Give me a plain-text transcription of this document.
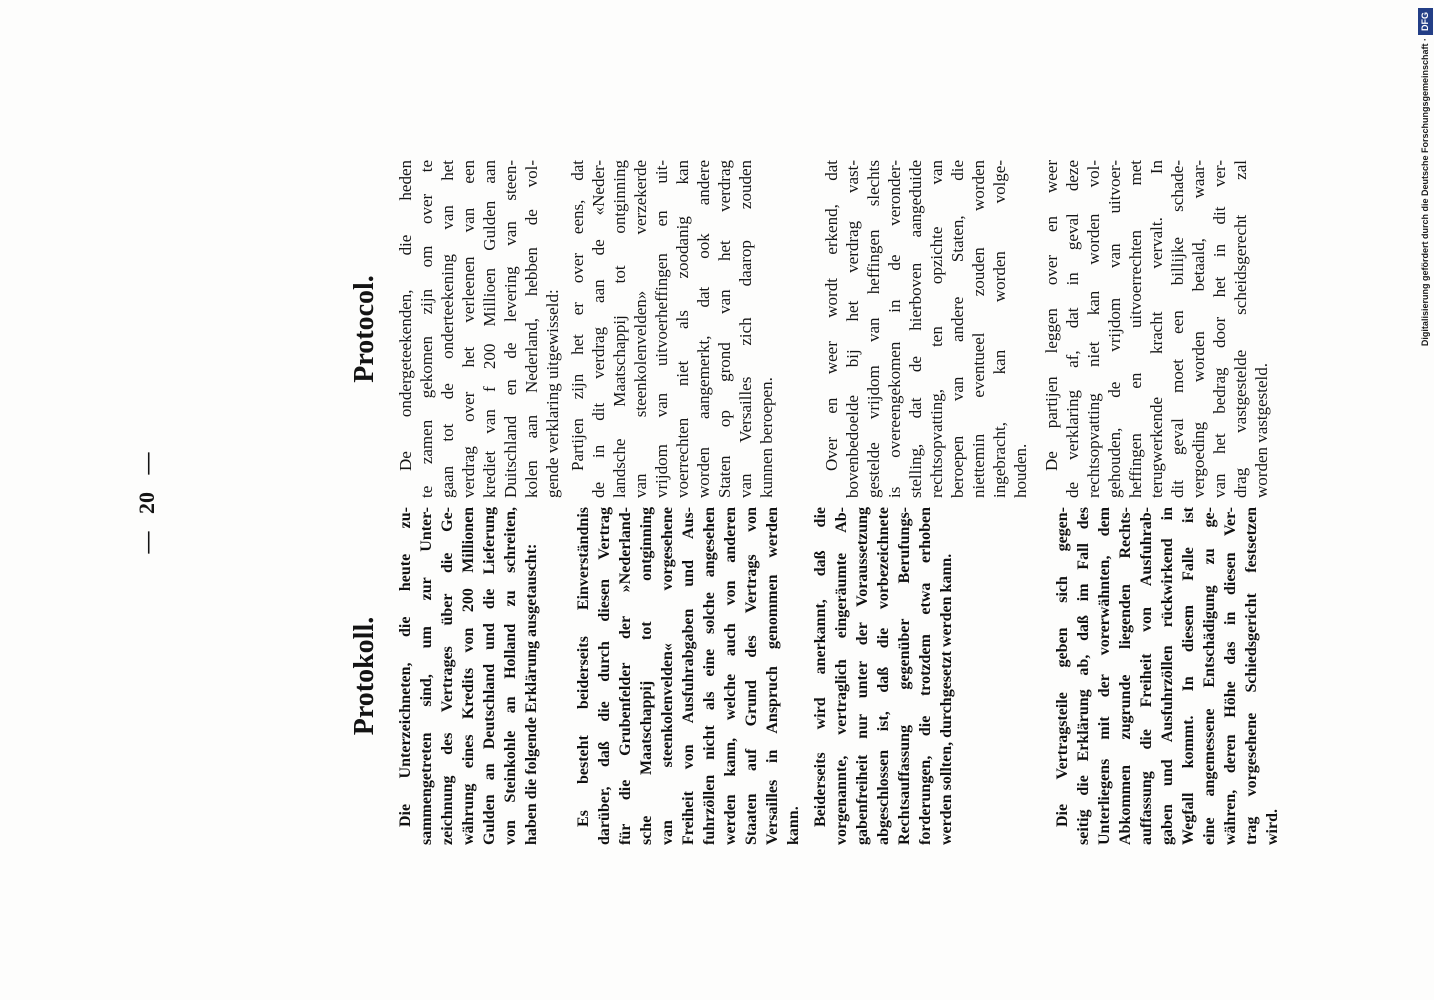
— 20 —
Protokoll. Die Unterzeichneten, die heute zu- sammengetreten sind, um zur Unter- zeichnung des Vertrages über die Ge- währung eines Kredits von 200 Millionen Gulden an Deutschland und die Lieferung von Steinkohle an Holland zu schreiten, haben die folgende Erklärung ausgetauscht: Es besteht beiderseits Einverständnis darüber, daß die durch diesen Vertrag für die Grubenfelder der »Nederland- sche Maatschappij tot ontginning van steenkolenvelden« vorgesehene Freiheit von Ausfuhrabgaben und Aus- fuhrzöllen nicht als eine solche angesehen werden kann, welche auch von anderen Staaten auf Grund des Vertrags von Versailles in Anspruch genommen werden kann. Beiderseits wird anerkannt, daß die vorgenannte, vertraglich eingeräumte Ab- gabenfreiheit nur unter der Voraussetzung abgeschlossen ist, daß die vorbezeichnete Rechtsauffassung gegenüber Berufungs- forderungen, die trotzdem etwa erhoben werden sollten, durchgesetzt werden kann.	Die Vertragsteile geben sich gegen- seitig die Erklärung ab, daß im Fall des Unterliegens mit der vorerwähnten, dem Abkommen zugrunde liegenden Rechts- auffassung die Freiheit von Ausfuhrab- gaben und Ausfuhrzöllen rückwirkend in Wegfall kommt. In diesem Falle ist eine angemessene Entschädigung zu ge- währen, deren Höhe das in diesen Ver- trag vorgesehene Schiedsgericht festsetzen wird.
Protocol. De ondergeteekenden, die heden te zamen gekomen zijn om over te gaan tot de onderteekening van het verdrag over het verleenen van een krediet van f 200 Millioen Gulden aan Duitschland en de levering van steen- kolen aan Nederland, hebben de vol- gende verklaring uitgewisseld: Partijen zijn het er over eens, dat de in dit verdrag aan de «Neder- landsche Maatschappij tot ontginning van steenkolenvelden» verzekerde vrijdom van uitvoerheffingen en uit- voerrechten niet als zoodanig kan worden aangemerkt, dat ook andere Staten op grond van het verdrag van Versailles zich daarop zouden kunnen beroepen.	Over en weer wordt erkend, dat bovenbedoelde bij het verdrag vast- gestelde vrijdom van heffingen slechts is overeengekomen in de veronder- stelling, dat de hierboven aangeduide rechtsopvatting, ten opzichte van beroepen van andere Staten, die niettemin eventueel zouden worden ingebracht, kan worden volge- houden. De partijen leggen over en weer de verklaring af, dat in geval deze rechtsopvatting niet kan worden vol- gehouden, de vrijdom van uitvoer- heffingen en uitvoerrechten met terugwerkende kracht vervalt. In dit geval moet een billijke schade- vergoeding worden betaald, waar- van het bedrag door het in dit ver- drag vastgestelde scheidsgerecht zal worden vastgesteld.
Digitalisierung gefördert durch die Deutsche Forschungsgemeinschaft ·
DFG
